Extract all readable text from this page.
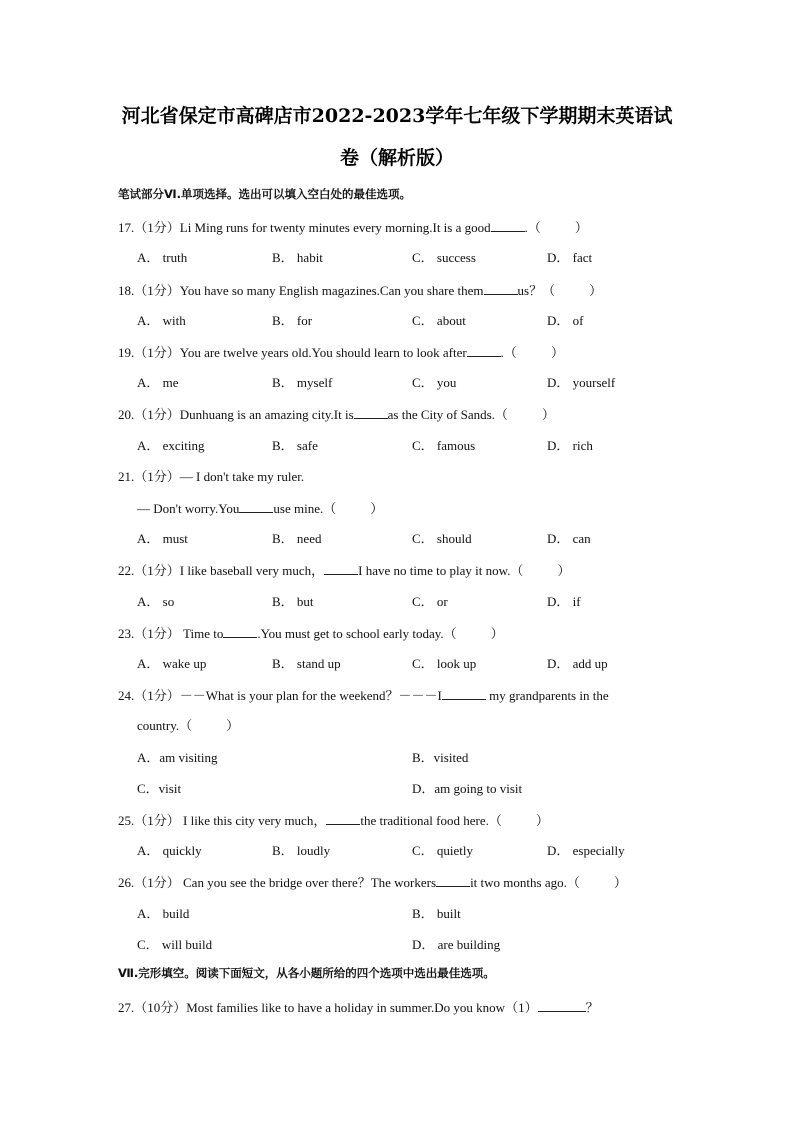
河北省保定市高碑店市2022-2023学年七年级下学期期末英语试
卷（解析版）
笔试部分Ⅵ.单项选择。选出可以填入空白处的最佳选项。
17.（1分）Li Ming runs for twenty minutes every morning.It is a good	.（	）
A． truth	B． habit	C． success	D． fact
18.（1分）You have so many English magazines.Can you share them	us？（	）
A． with	B． for	C． about	D． of
19.（1分）You are twelve years old.You should learn to look after	.（	）
A． me	B． myself	C． you	D． yourself
20.（1分）Dunhuang is an amazing city.It is	as the City of Sands.（	）
A． exciting	B． safe	C． famous	D． rich
21.（1分）— I don't take my ruler.
— Don't worry.You	use mine.（	）
A． must	B． need	C． should	D． can
22.（1分）I like baseball very much，	I have no time to play it now.（	）
A． so	B． but	C． or	D． if
23.（1分） Time to	.You must get to school early today.（	）
A． wake up	B． stand up	C． look up	D． add up
24.（1分）－－What is your plan for the weekend？－－－I	my grandparents in the
country.（	）
A．am visiting	B．visited
C．visit	D．am going to visit
25.（1分） I like this city very much，	the traditional food here.（	）
A． quickly	B． loudly	C． quietly	D． especially
26.（1分） Can you see the bridge over there？The workers	it two months ago.（	）
A． build	B． built
C． will build	D． are building
Ⅶ.完形填空。阅读下面短文，从各小题所给的四个选项中选出最佳选项。
27.（10分）Most families like to have a holiday in summer.Do you know（1）	？
